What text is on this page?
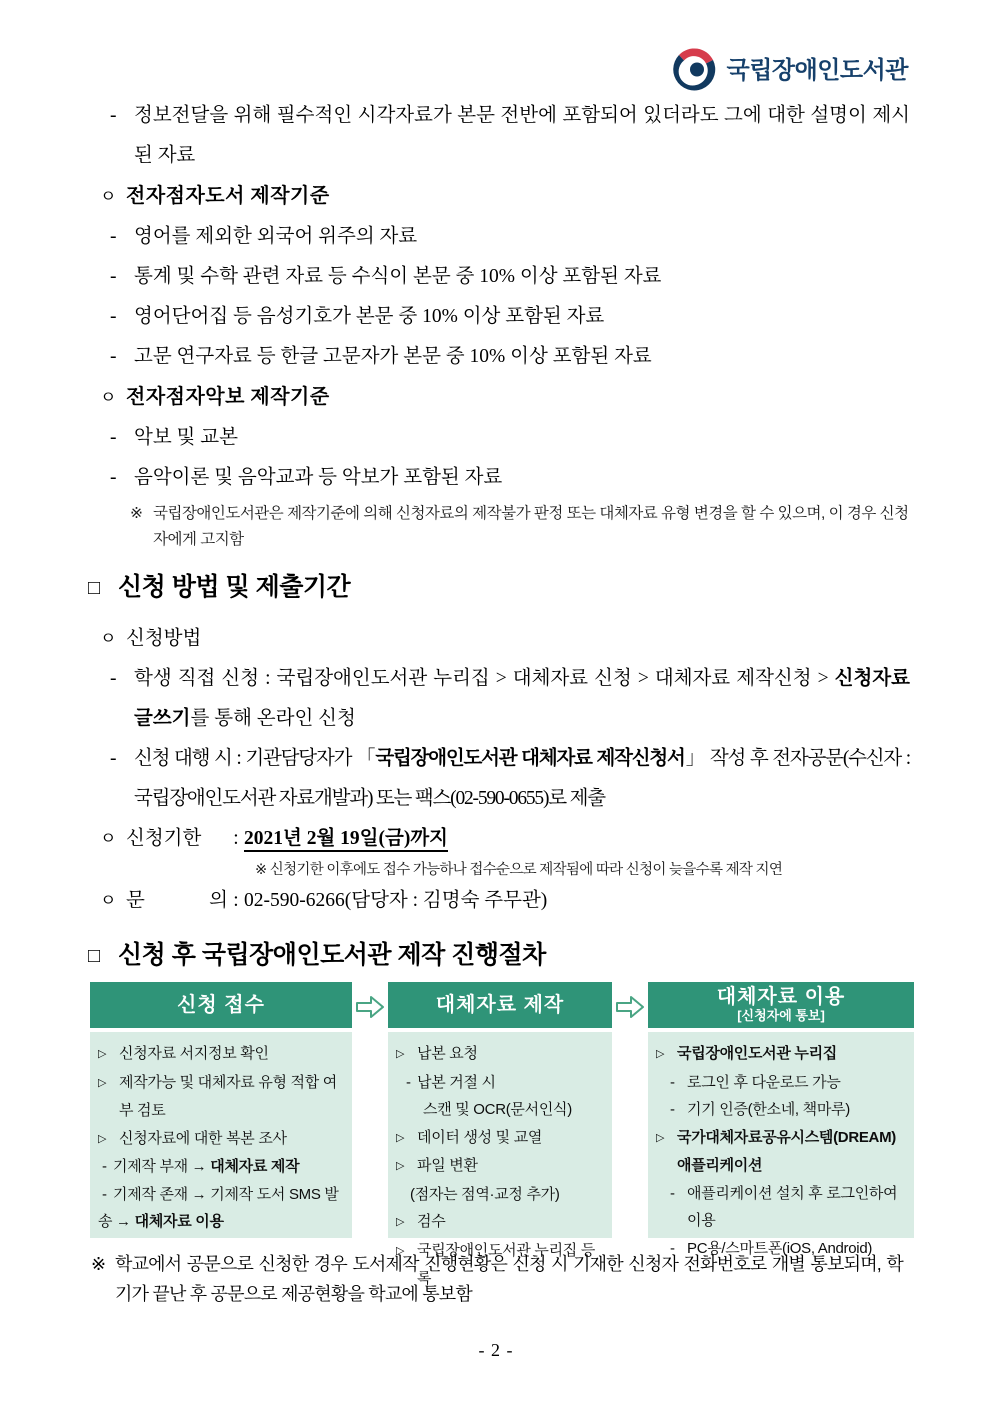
국립장애인도서관

- 정보전달을 위해 필수적인 시각자료가 본문 전반에 포함되어 있더라도 그에 대한 설명이 제시된 자료

ㅇ 전자점자도서 제작기준

- 영어를 제외한 외국어 위주의 자료

- 통계 및 수학 관련 자료 등 수식이 본문 중 10% 이상 포함된 자료

- 영어단어집 등 음성기호가 본문 중 10% 이상 포함된 자료

- 고문 연구자료 등 한글 고문자가 본문 중 10% 이상 포함된 자료

ㅇ 전자점자악보 제작기준

- 악보 및 교본

- 음악이론 및 음악교과 등 악보가 포함된 자료

※ 국립장애인도서관은 제작기준에 의해 신청자료의 제작불가 판정 또는 대체자료 유형 변경을 할 수 있으며, 이 경우 신청자에게 고지함

□ 신청 방법 및 제출기간

ㅇ 신청방법

- 학생 직접 신청 : 국립장애인도서관 누리집 > 대체자료 신청 > 대체자료 제작신청 > 신청자료 글쓰기를 통해 온라인 신청

- 신청 대행 시 : 기관담당자가 「국립장애인도서관 대체자료 제작신청서」 작성 후 전자공문(수신자 : 국립장애인도서관 자료개발과) 또는 팩스(02-590-0655)로 제출

ㅇ 신청기한 : 2021년 2월 19일(금)까지

※ 신청기한 이후에도 접수 가능하나 접수순으로 제작됨에 따라 신청이 늦을수록 제작 지연

ㅇ 문 의 : 02-590-6266(담당자 : 김명숙 주무관)

□ 신청 후 국립장애인도서관 제작 진행절차
신청 접수

▷ 신청자료 서지정보 확인

▷ 제작가능 및 대체자료 유형 적합 여부 검토

▷ 신청자료에 대한 복본 조사

- 기제작 부재 → 대체자료 제작

- 기제작 존재 → 기제작 도서 SMS 발송 → 대체자료 이용

대체자료 제작

▷ 납본 요청

- 납본 거절 시

스캔 및 OCR(문서인식)

▷ 데이터 생성 및 교열

▷ 파일 변환

(점자는 점역·교정 추가)

▷ 검수

▷ 국립장애인도서관 누리집 등록

대체자료 이용
[신청자에 통보]

▷ 국립장애인도서관 누리집

- 로그인 후 다운로드 가능

- 기기 인증(한소네, 책마루)

▷ 국가대체자료공유시스템(DREAM) 애플리케이션

- 애플리케이션 설치 후 로그인하여 이용

- PC용/스마트폰(iOS, Android)

※ 학교에서 공문으로 신청한 경우 도서제작 진행현황은 신청 시 기재한 신청자 전화번호로 개별 통보되며, 학기가 끝난 후 공문으로 제공현황을 학교에 통보함

- 2 -
